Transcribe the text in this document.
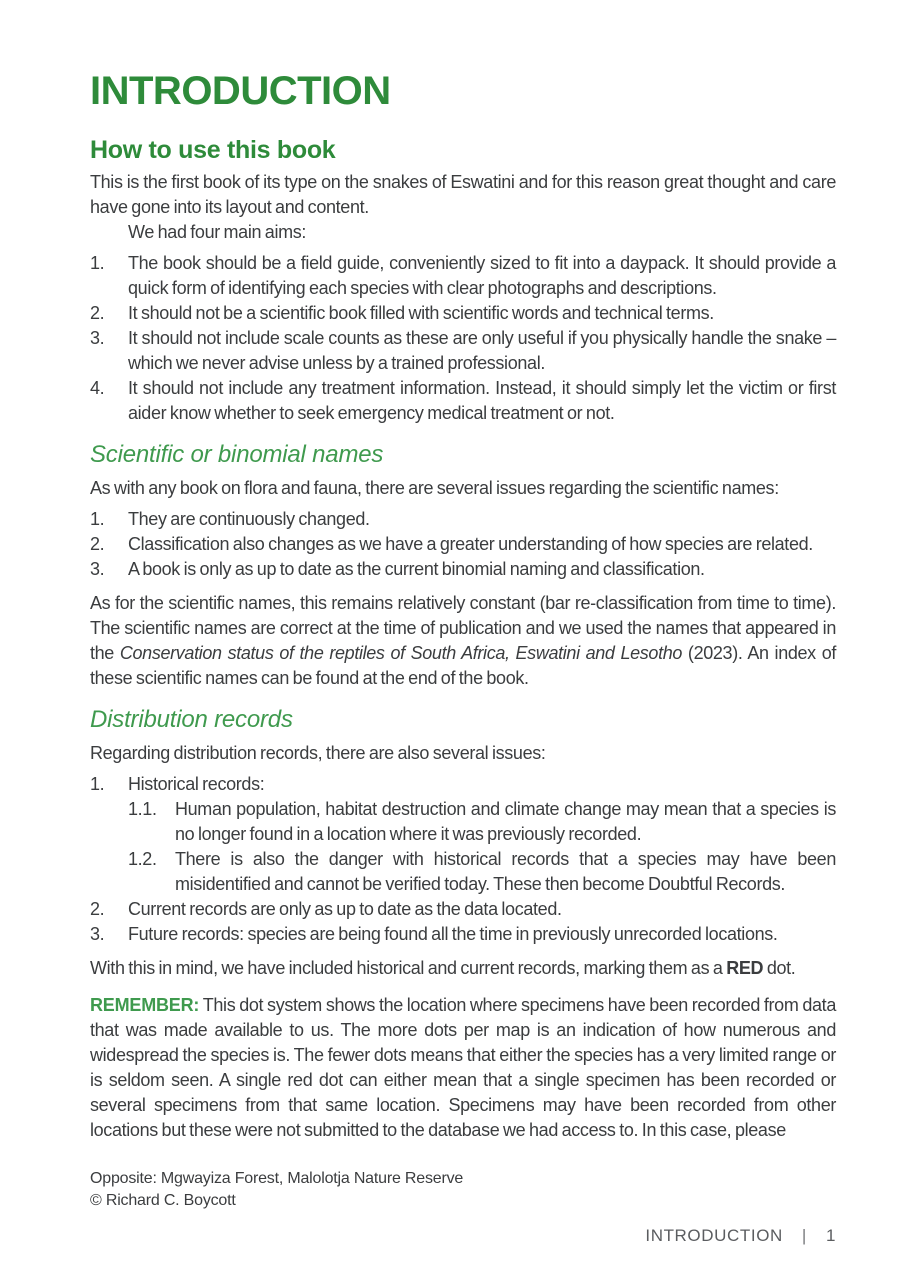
INTRODUCTION
How to use this book

This is the first book of its type on the snakes of Eswatini and for this reason great thought and care have gone into its layout and content.

We had four main aims:

1.	The book should be a field guide, conveniently sized to fit into a daypack. It should provide a quick form of identifying each species with clear photographs and descriptions.
2.	It should not be a scientific book filled with scientific words and technical terms.
3.	It should not include scale counts as these are only useful if you physically handle the snake – which we never advise unless by a trained professional.
4.	It should not include any treatment information. Instead, it should simply let the victim or first aider know whether to seek emergency medical treatment or not.
Scientific or binomial names

As with any book on flora and fauna, there are several issues regarding the scientific names:

1.	They are continuously changed.
2.	Classification also changes as we have a greater understanding of how species are related.
3.	A book is only as up to date as the current binomial naming and classification.

As for the scientific names, this remains relatively constant (bar re-classification from time to time). The scientific names are correct at the time of publication and we used the names that appeared in the Conservation status of the reptiles of South Africa, Eswatini and Lesotho (2023). An index of these scientific names can be found at the end of the book.

Distribution records

Regarding distribution records, there are also several issues:

1.	Historical records:
1.1.	Human population, habitat destruction and climate change may mean that a species is no longer found in a location where it was previously recorded.
1.2.	There is also the danger with historical records that a species may have been misidentified and cannot be verified today. These then become Doubtful Records.
2.	Current records are only as up to date as the data located.
3.	Future records: species are being found all the time in previously unrecorded locations.

With this in mind, we have included historical and current records, marking them as a RED dot.

REMEMBER: This dot system shows the location where specimens have been recorded from data that was made available to us. The more dots per map is an indication of how numerous and widespread the species is. The fewer dots means that either the species has a very limited range or is seldom seen. A single red dot can either mean that a single specimen has been recorded or several specimens from that same location. Specimens may have been recorded from other locations but these were not submitted to the database we had access to. In this case, please

Opposite: Mgwayiza Forest, Malolotja Nature Reserve
© Richard C. Boycott
INTRODUCTION | 1
